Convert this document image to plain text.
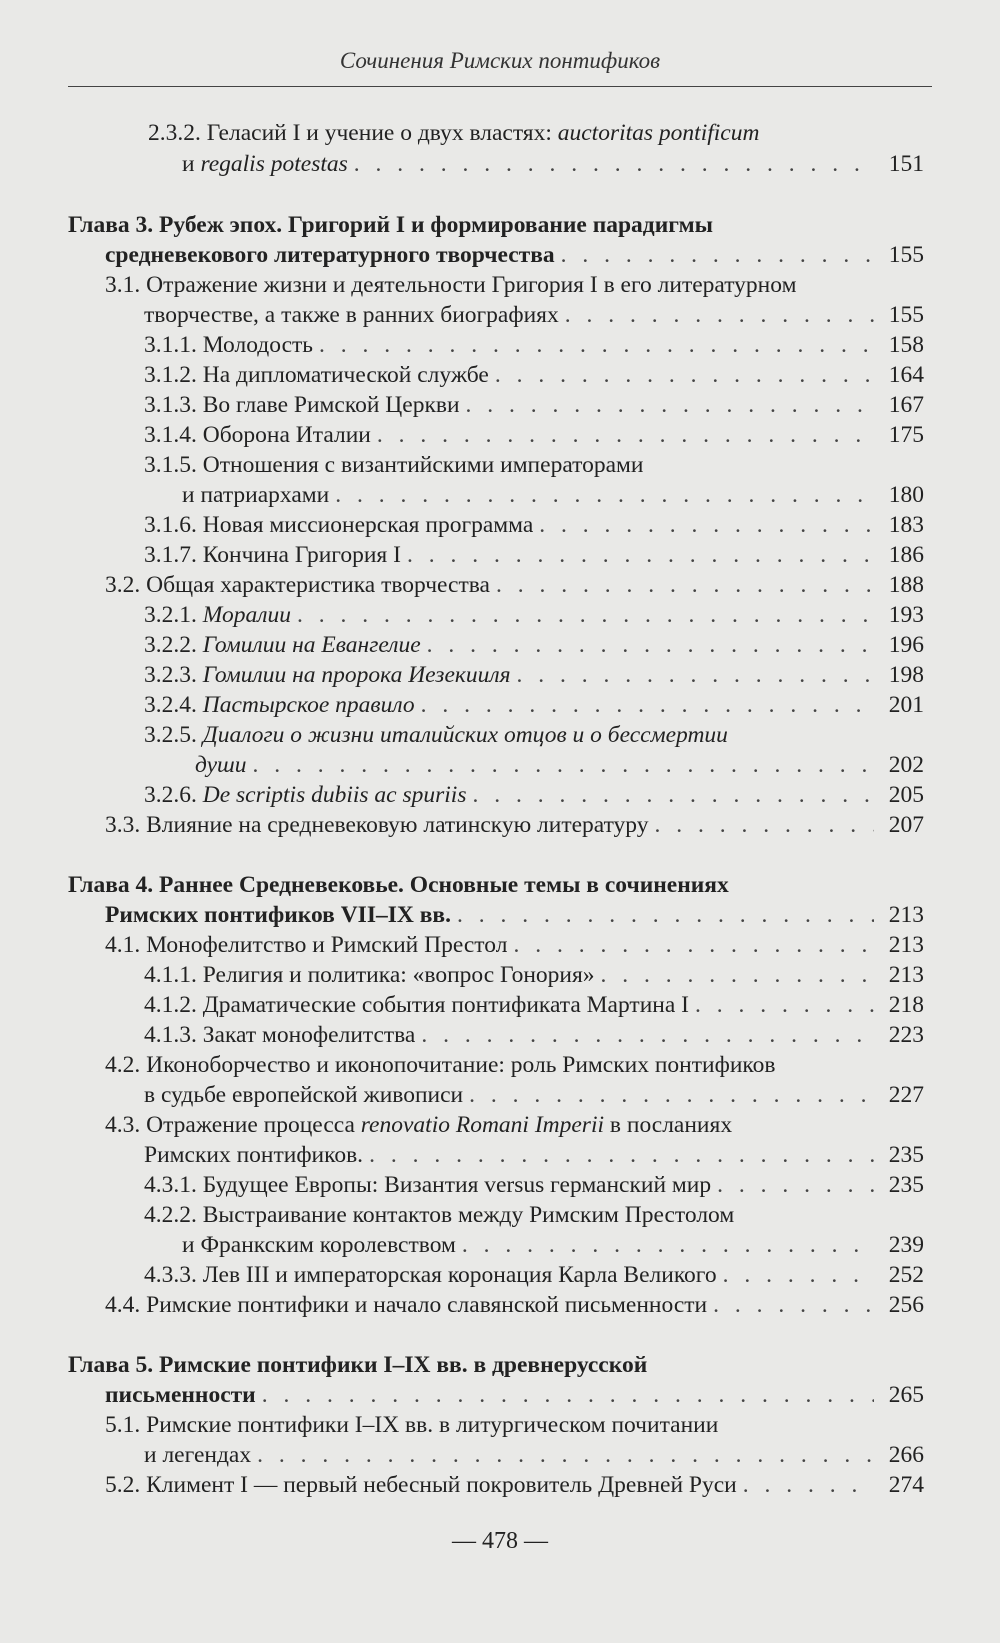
Сочинения Римских понтификов
2.3.2. Геласий I и учение о двух властях: auctoritas pontificum
и regalis potestas . . .	151
Глава 3. Рубеж эпох. Григорий I и формирование парадигмы
средневекового литературного творчества . . .	155
3.1. Отражение жизни и деятельности Григория I в его литературном
творчестве, а также в ранних биографиях . . .	155
3.1.1. Молодость . . .	158
3.1.2. На дипломатической службе . . .	164
3.1.3. Во главе Римской Церкви . . .	167
3.1.4. Оборона Италии . . .	175
3.1.5. Отношения с византийскими императорами
и патриархами . . .	180
3.1.6. Новая миссионерская программа . . .	183
3.1.7. Кончина Григория I . . .	186
3.2. Общая характеристика творчества . . .	188
3.2.1. Моралии . . .	193
3.2.2. Гомилии на Евангелие . . .	196
3.2.3. Гомилии на пророка Иезекииля . . .	198
3.2.4. Пастырское правило . . .	201
3.2.5. Диалоги о жизни италийских отцов и о бессмертии
души . . .	202
3.2.6. De scriptis dubiis ac spuriis . . .	205
3.3. Влияние на средневековую латинскую литературу . . .	207
Глава 4. Раннее Средневековье. Основные темы в сочинениях
Римских понтификов VII–IX вв. . . .	213
4.1. Монофелитство и Римский Престол . . .	213
4.1.1. Религия и политика: «вопрос Гонория» . . .	213
4.1.2. Драматические события понтификата Мартина I . . .	218
4.1.3. Закат монофелитства . . .	223
4.2. Иконоборчество и иконопочитание: роль Римских понтификов
в судьбе европейской живописи . . .	227
4.3. Отражение процесса renovatio Romani Imperii в посланиях
Римских понтификов. . . .	235
4.3.1. Будущее Европы: Византия versus германский мир . . .	235
4.2.2. Выстраивание контактов между Римским Престолом
и Франкским королевством . . .	239
4.3.3. Лев III и императорская коронация Карла Великого . . .	252
4.4. Римские понтифики и начало славянской письменности . . .	256
Глава 5. Римские понтифики I–IX вв. в древнерусской
письменности . . .	265
5.1. Римские понтифики I–IX вв. в литургическом почитании
и легендах . . .	266
5.2. Климент I — первый небесный покровитель Древней Руси . . .	274
— 478 —
